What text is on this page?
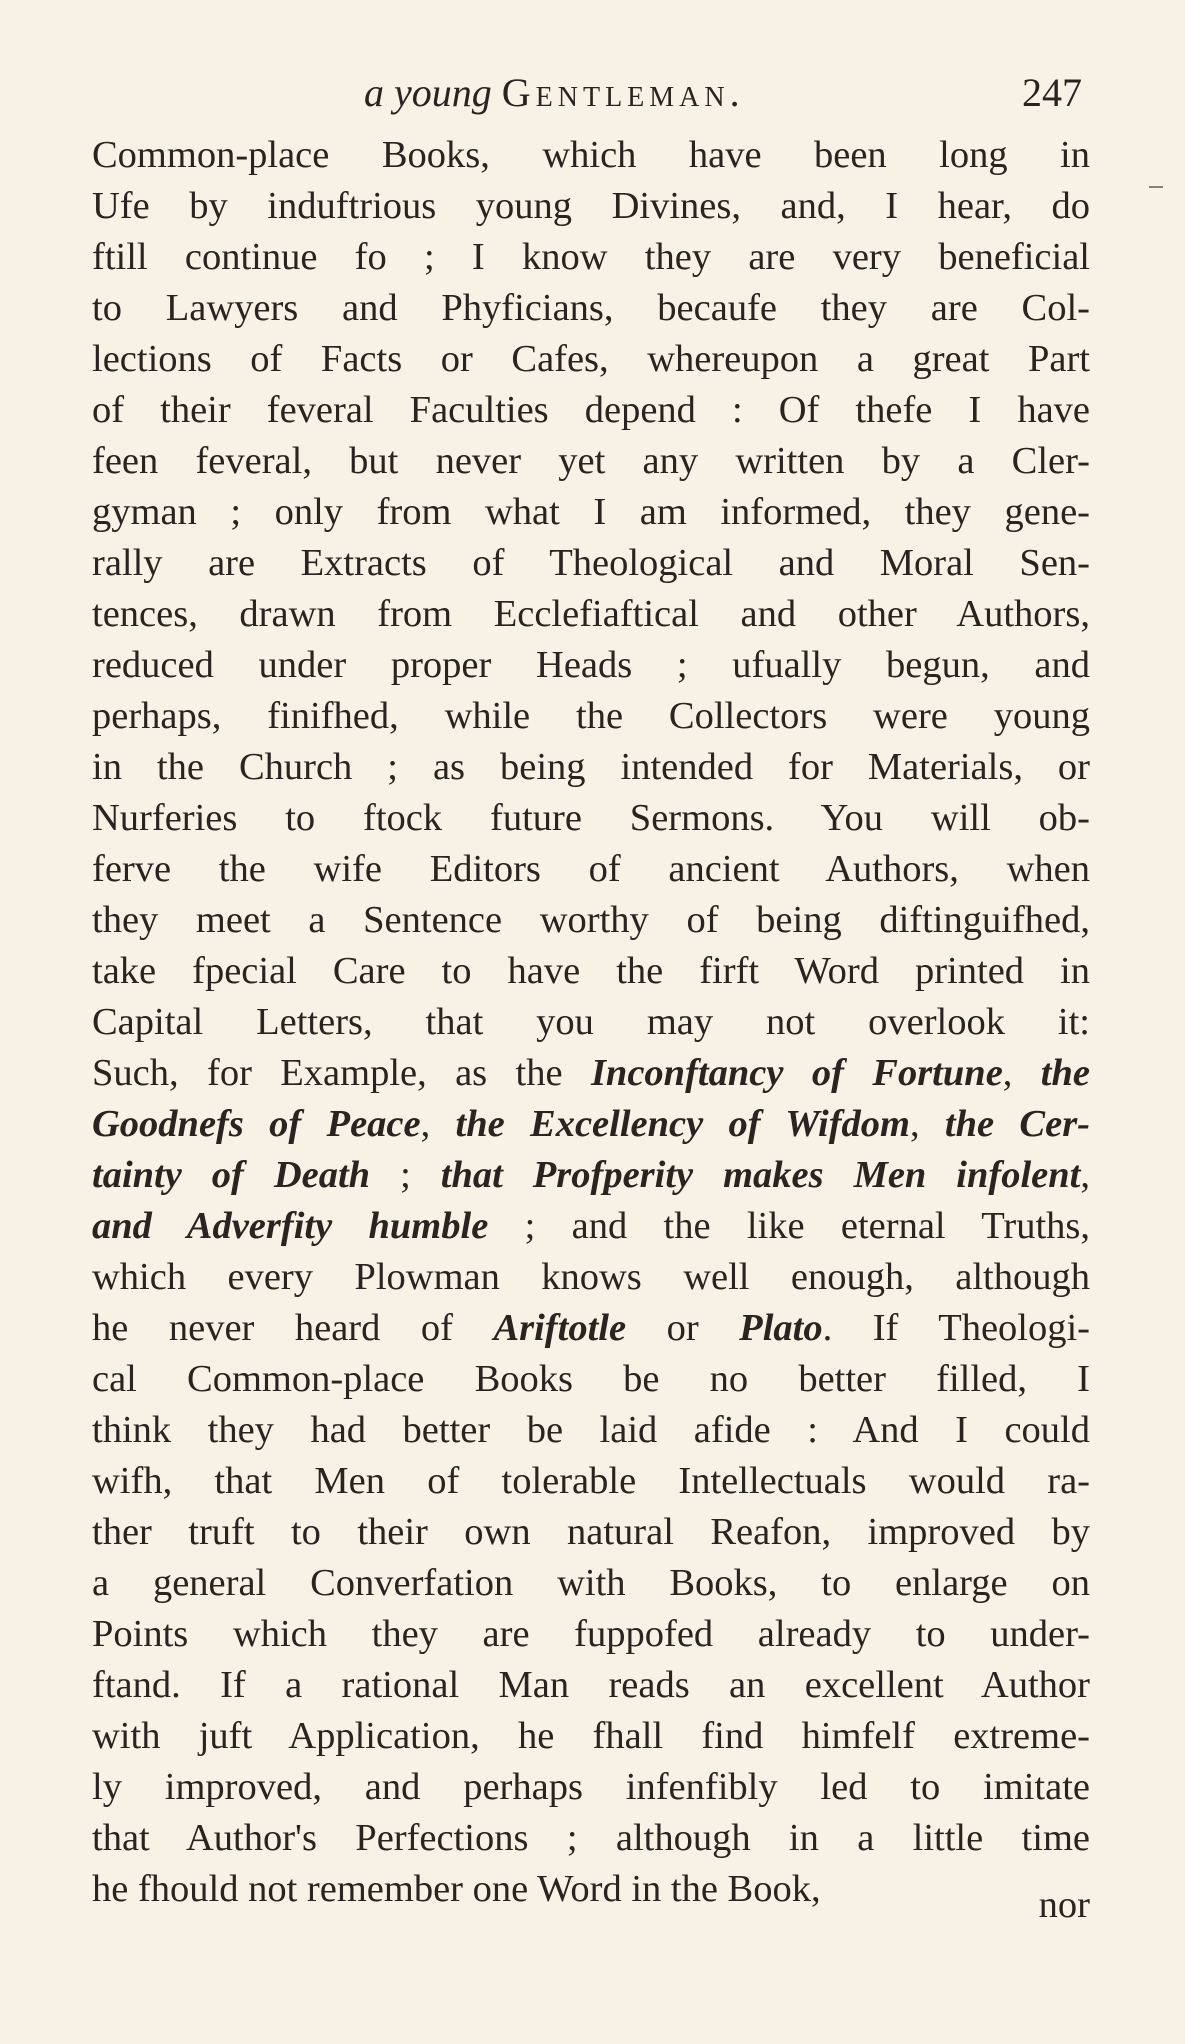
a young Gentleman.	247
Common-place Books, which have been long in
Ufe by induftrious young Divines, and, I hear, do
ftill continue fo ; I know they are very beneficial
to Lawyers and Phyficians, becaufe they are Col-
lections of Facts or Cafes, whereupon a great Part
of their feveral Faculties depend : Of thefe I have
feen feveral, but never yet any written by a Cler-
gyman ; only from what I am informed, they gene-
rally are Extracts of Theological and Moral Sen-
tences, drawn from Ecclefiaftical and other Authors,
reduced under proper Heads ; ufually begun, and
perhaps, finifhed, while the Collectors were young
in the Church ; as being intended for Materials, or
Nurferies to ftock future Sermons. You will ob-
ferve the wife Editors of ancient Authors, when
they meet a Sentence worthy of being diftinguifhed,
take fpecial Care to have the firft Word printed in
Capital Letters, that you may not overlook it:
Such, for Example, as the Inconftancy of Fortune, the
Goodnefs of Peace, the Excellency of Wifdom, the Cer-
tainty of Death ; that Profperity makes Men infolent,
and Adverfity humble ; and the like eternal Truths,
which every Plowman knows well enough, although
he never heard of Ariftotle or Plato. If Theologi-
cal Common-place Books be no better filled, I
think they had better be laid afide : And I could
wifh, that Men of tolerable Intellectuals would ra-
ther truft to their own natural Reafon, improved by
a general Converfation with Books, to enlarge on
Points which they are fuppofed already to under-
ftand. If a rational Man reads an excellent Author
with juft Application, he fhall find himfelf extreme-
ly improved, and perhaps infenfibly led to imitate
that Author's Perfections ; although in a little time
he fhould not remember one Word in the Book,	nor
